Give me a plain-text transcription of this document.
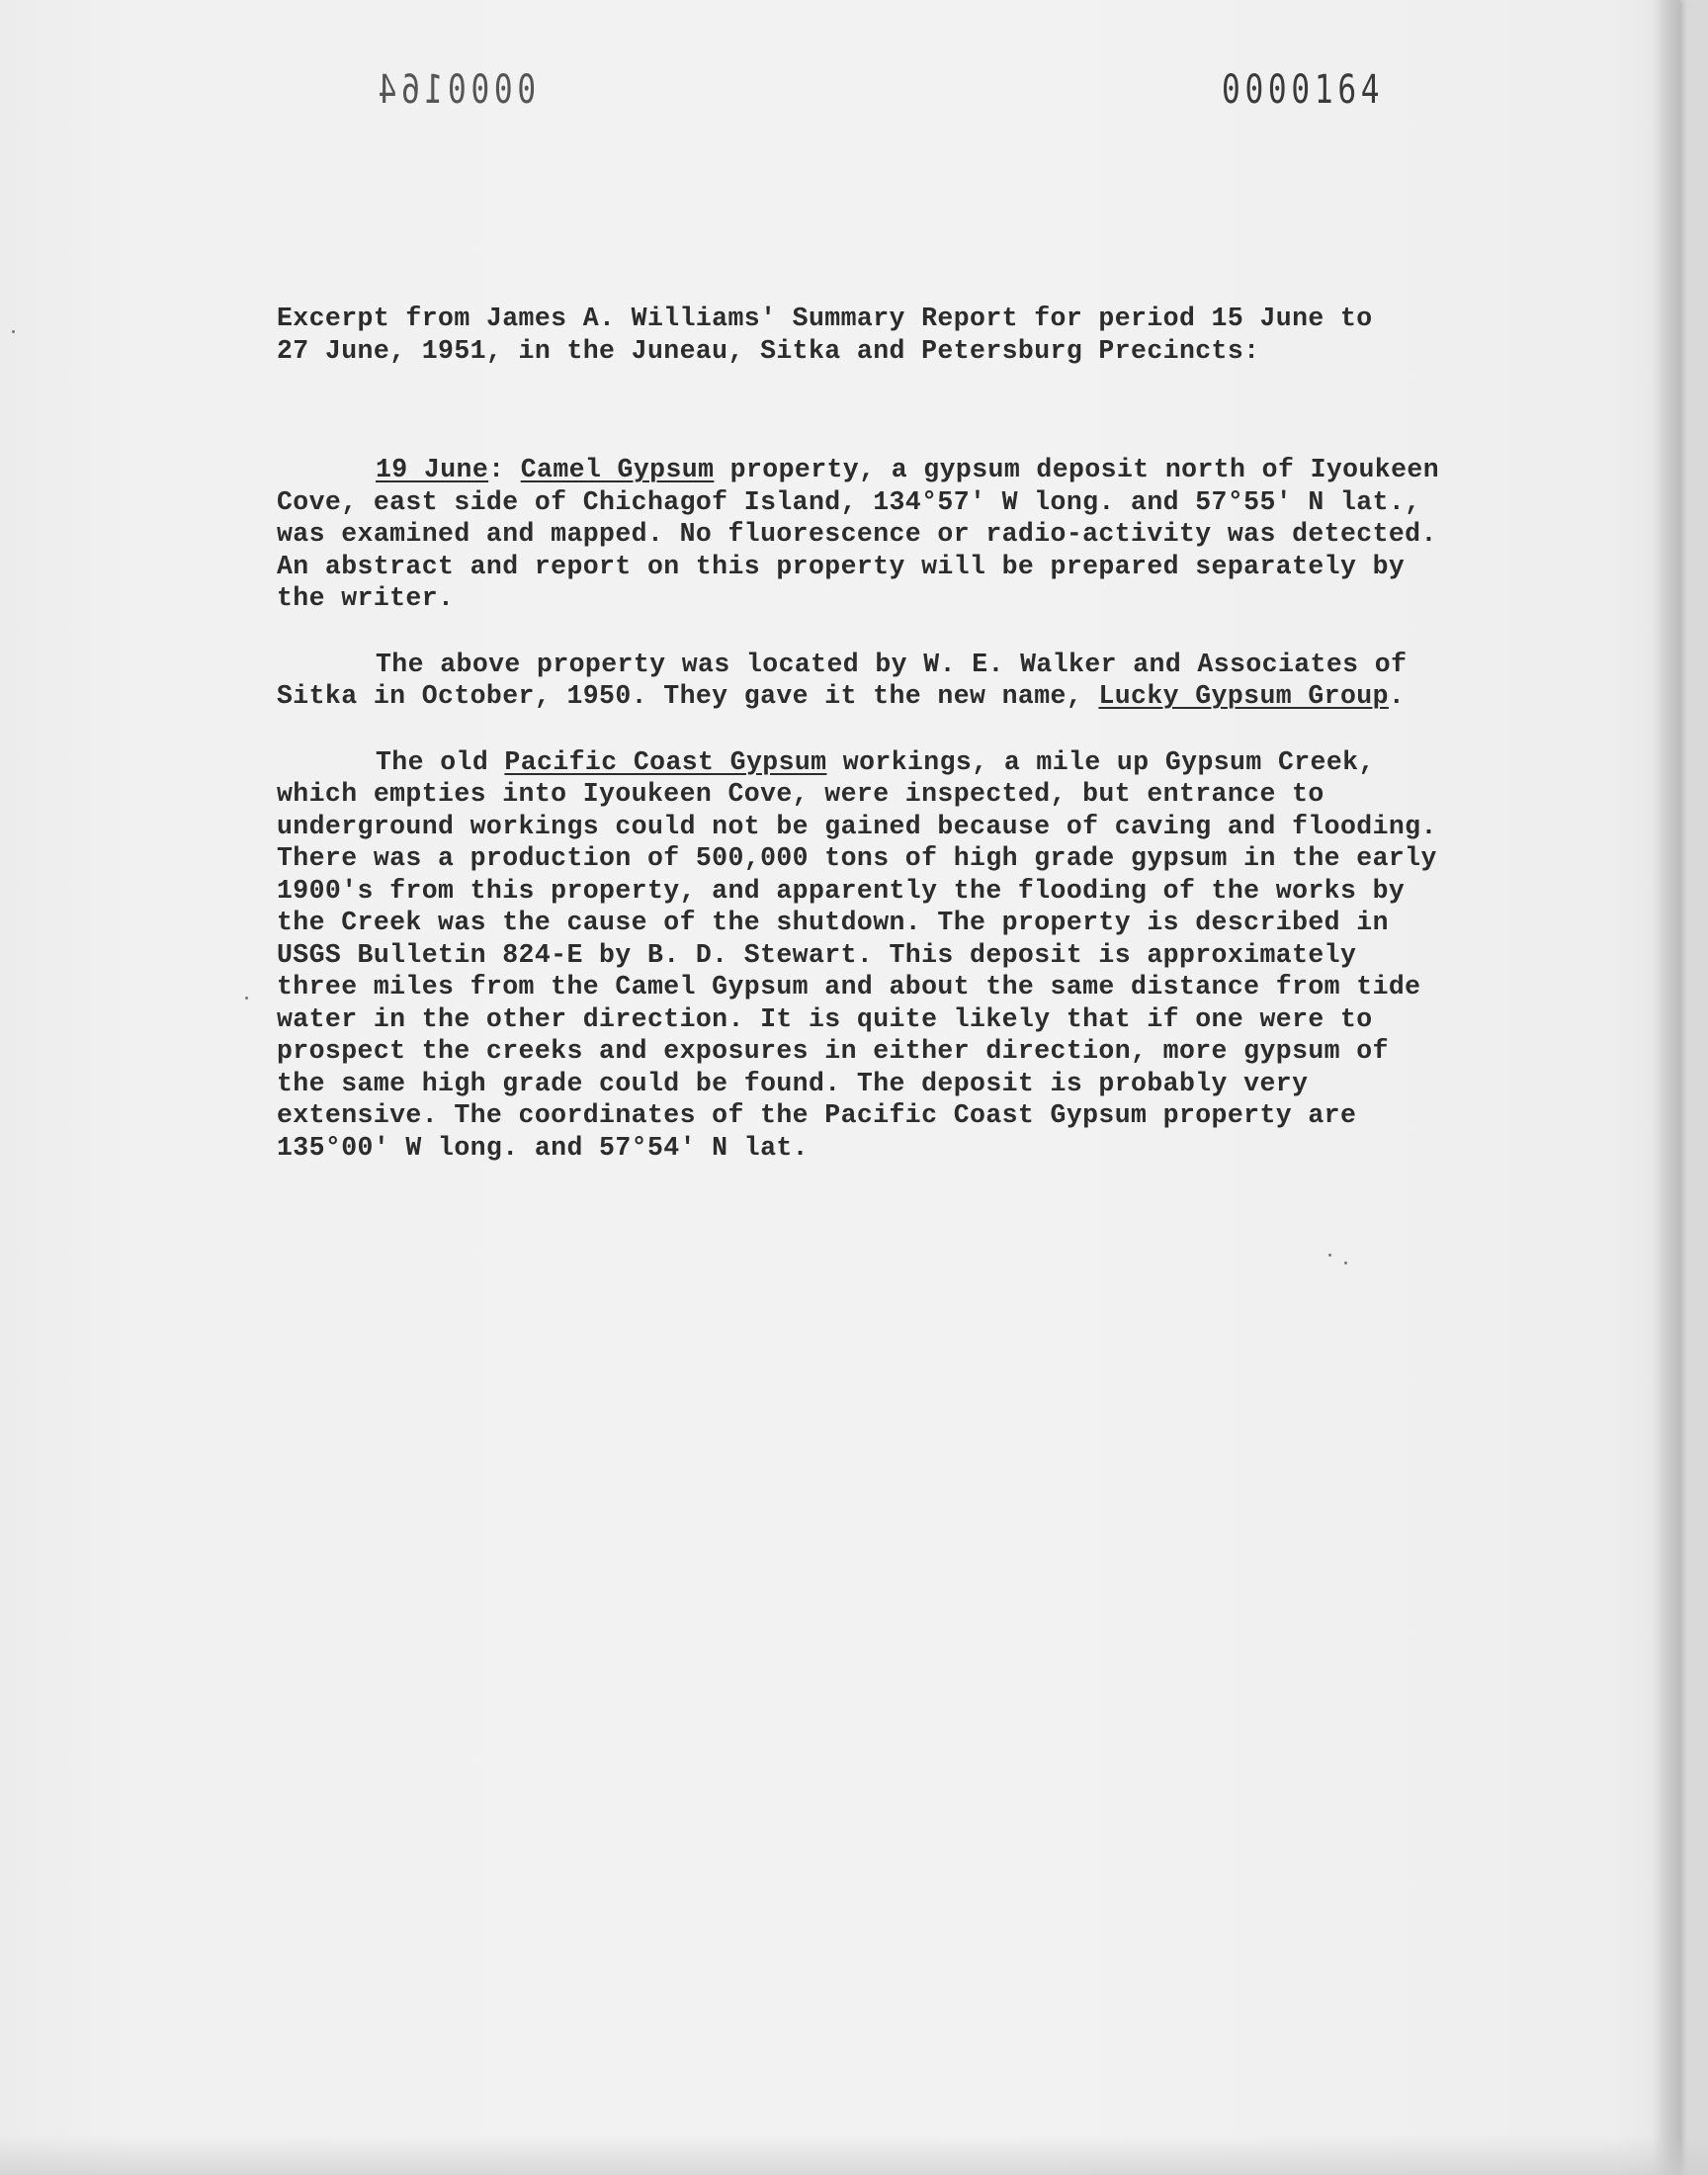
0000164	0000164
Excerpt from James A. Williams' Summary Report for period 15 June to
27 June, 1951, in the Juneau, Sitka and Petersburg Precincts:

19 June: Camel Gypsum property, a gypsum deposit north of Iyoukeen Cove, east side of Chichagof Island, 134°57' W long. and 57°55' N lat., was examined and mapped. No fluorescence or radio-activity was detected. An abstract and report on this property will be prepared separately by the writer.

The above property was located by W. E. Walker and Associates of Sitka in October, 1950. They gave it the new name, Lucky Gypsum Group.

The old Pacific Coast Gypsum workings, a mile up Gypsum Creek, which empties into Iyoukeen Cove, were inspected, but entrance to underground workings could not be gained because of caving and flooding. There was a production of 500,000 tons of high grade gypsum in the early 1900's from this property, and apparently the flooding of the works by the Creek was the cause of the shutdown. The property is described in USGS Bulletin 824-E by B. D. Stewart. This deposit is approximately three miles from the Camel Gypsum and about the same distance from tide water in the other direction. It is quite likely that if one were to prospect the creeks and exposures in either direction, more gypsum of the same high grade could be found. The deposit is probably very extensive. The coordinates of the Pacific Coast Gypsum property are 135°00' W long. and 57°54' N lat.
